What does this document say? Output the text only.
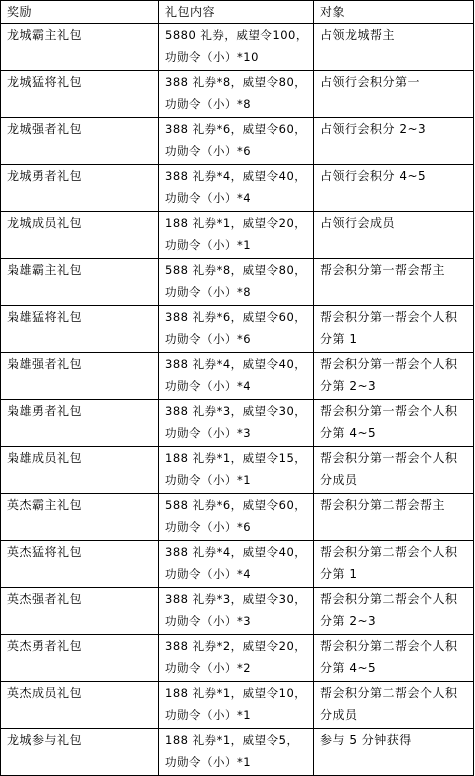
奖励	礼包内容	对象
龙城霸主礼包	5880 礼券，威望令100，功勋令（小）*10	占领龙城帮主
龙城猛将礼包	388 礼券*8，威望令80，功勋令（小）*8	占领行会积分第一
龙城强者礼包	388 礼券*6，威望令60，功勋令（小）*6	占领行会积分 2~3
龙城勇者礼包	388 礼券*4，威望令40，功勋令（小）*4	占领行会积分 4~5
龙城成员礼包	188 礼券*1，威望令20，功勋令（小）*1	占领行会成员
枭雄霸主礼包	588 礼券*8，威望令80，功勋令（小）*8	帮会积分第一帮会帮主
枭雄猛将礼包	388 礼券*6，威望令60，功勋令（小）*6	帮会积分第一帮会个人积分第 1
枭雄强者礼包	388 礼券*4，威望令40，功勋令（小）*4	帮会积分第一帮会个人积分第 2~3
枭雄勇者礼包	388 礼券*3，威望令30，功勋令（小）*3	帮会积分第一帮会个人积分第 4~5
枭雄成员礼包	188 礼券*1，威望令15，功勋令（小）*1	帮会积分第一帮会个人积分成员
英杰霸主礼包	588 礼券*6，威望令60，功勋令（小）*6	帮会积分第二帮会帮主
英杰猛将礼包	388 礼券*4，威望令40，功勋令（小）*4	帮会积分第二帮会个人积分第 1
英杰强者礼包	388 礼券*3，威望令30，功勋令（小）*3	帮会积分第二帮会个人积分第 2~3
英杰勇者礼包	388 礼券*2，威望令20，功勋令（小）*2	帮会积分第二帮会个人积分第 4~5
英杰成员礼包	188 礼券*1，威望令10，功勋令（小）*1	帮会积分第二帮会个人积分成员
龙城参与礼包	188 礼券*1，威望令5，功勋令（小）*1	参与 5 分钟获得
